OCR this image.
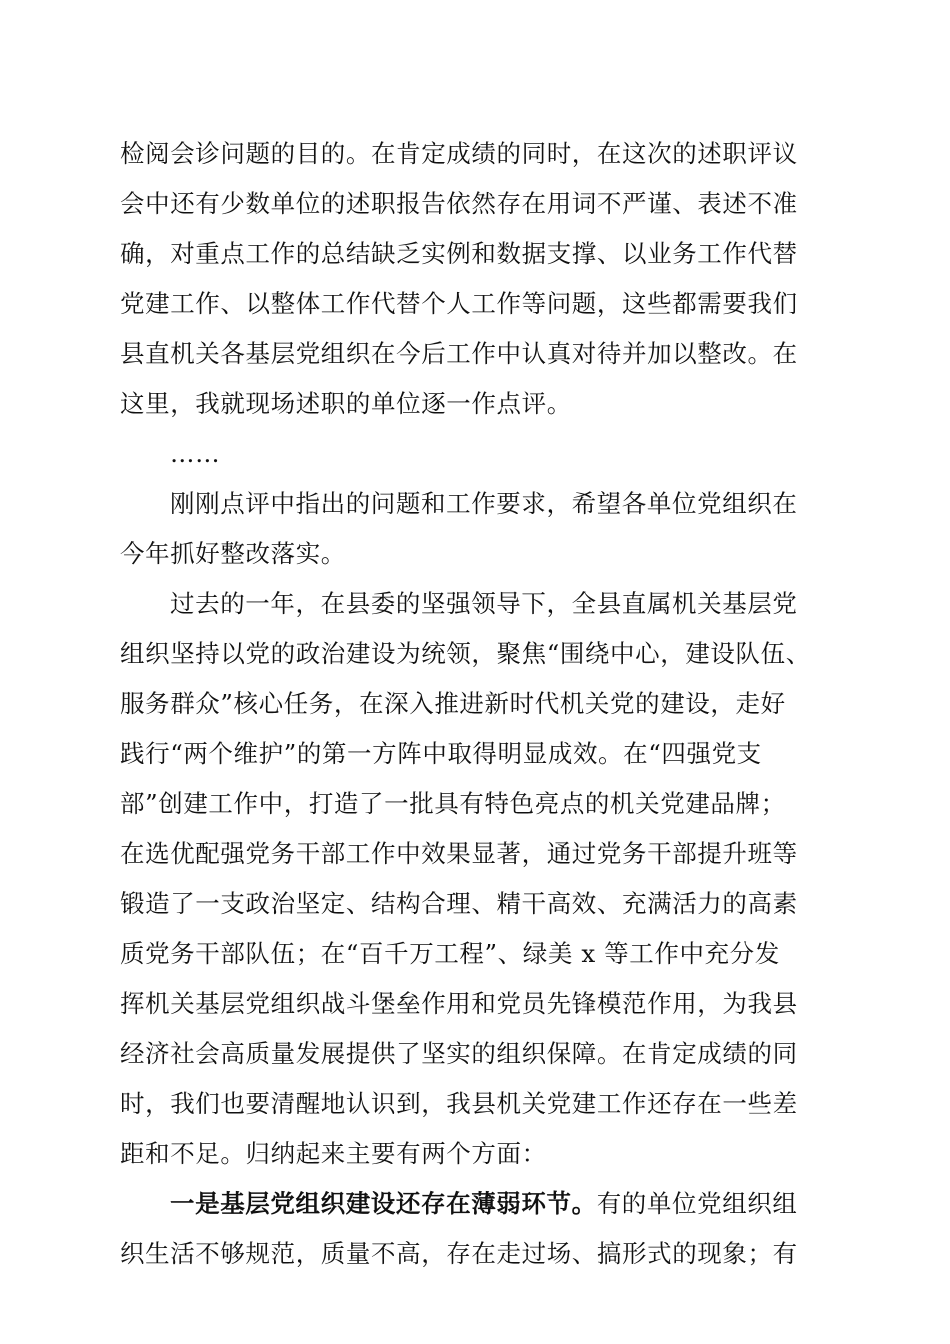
检阅会诊问题的目的。在肯定成绩的同时，在这次的述职评议
会中还有少数单位的述职报告依然存在用词不严谨、表述不准
确，对重点工作的总结缺乏实例和数据支撑、以业务工作代替
党建工作、以整体工作代替个人工作等问题，这些都需要我们
县直机关各基层党组织在今后工作中认真对待并加以整改。在
这里，我就现场述职的单位逐一作点评。
……
刚刚点评中指出的问题和工作要求，希望各单位党组织在
今年抓好整改落实。
过去的一年，在县委的坚强领导下，全县直属机关基层党
组织坚持以党的政治建设为统领，聚焦“围绕中心，建设队伍、
服务群众”核心任务，在深入推进新时代机关党的建设，走好
践行“两个维护”的第一方阵中取得明显成效。在“四强党支
部”创建工作中，打造了一批具有特色亮点的机关党建品牌；
在选优配强党务干部工作中效果显著，通过党务干部提升班等
锻造了一支政治坚定、结构合理、精干高效、充满活力的高素
质党务干部队伍；在“百千万工程”、绿美 x 等工作中充分发
挥机关基层党组织战斗堡垒作用和党员先锋模范作用，为我县
经济社会高质量发展提供了坚实的组织保障。在肯定成绩的同
时，我们也要清醒地认识到，我县机关党建工作还存在一些差
距和不足。归纳起来主要有两个方面：
一是基层党组织建设还存在薄弱环节。有的单位党组织组
织生活不够规范，质量不高，存在走过场、搞形式的现象；有
